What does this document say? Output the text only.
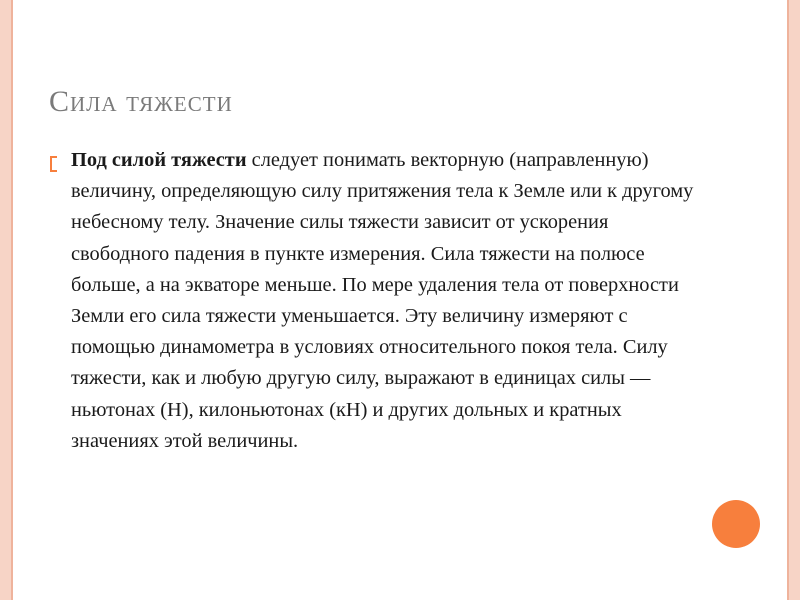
Сила тяжести

Под силой тяжести следует понимать векторную (направленную) величину, определяющую силу притяжения тела к Земле или к другому небесному телу. Значение силы тяжести зависит от ускорения свободного падения в пункте измерения. Сила тяжести на полюсе больше, а на экваторе меньше. По мере удаления тела от поверхности Земли его сила тяжести уменьшается. Эту величину измеряют с помощью динамометра в условиях относительного покоя тела. Силу тяжести, как и любую другую силу, выражают в единицах силы — ньютонах (Н), килоньютонах (кН) и других дольных и кратных значениях этой величины.
